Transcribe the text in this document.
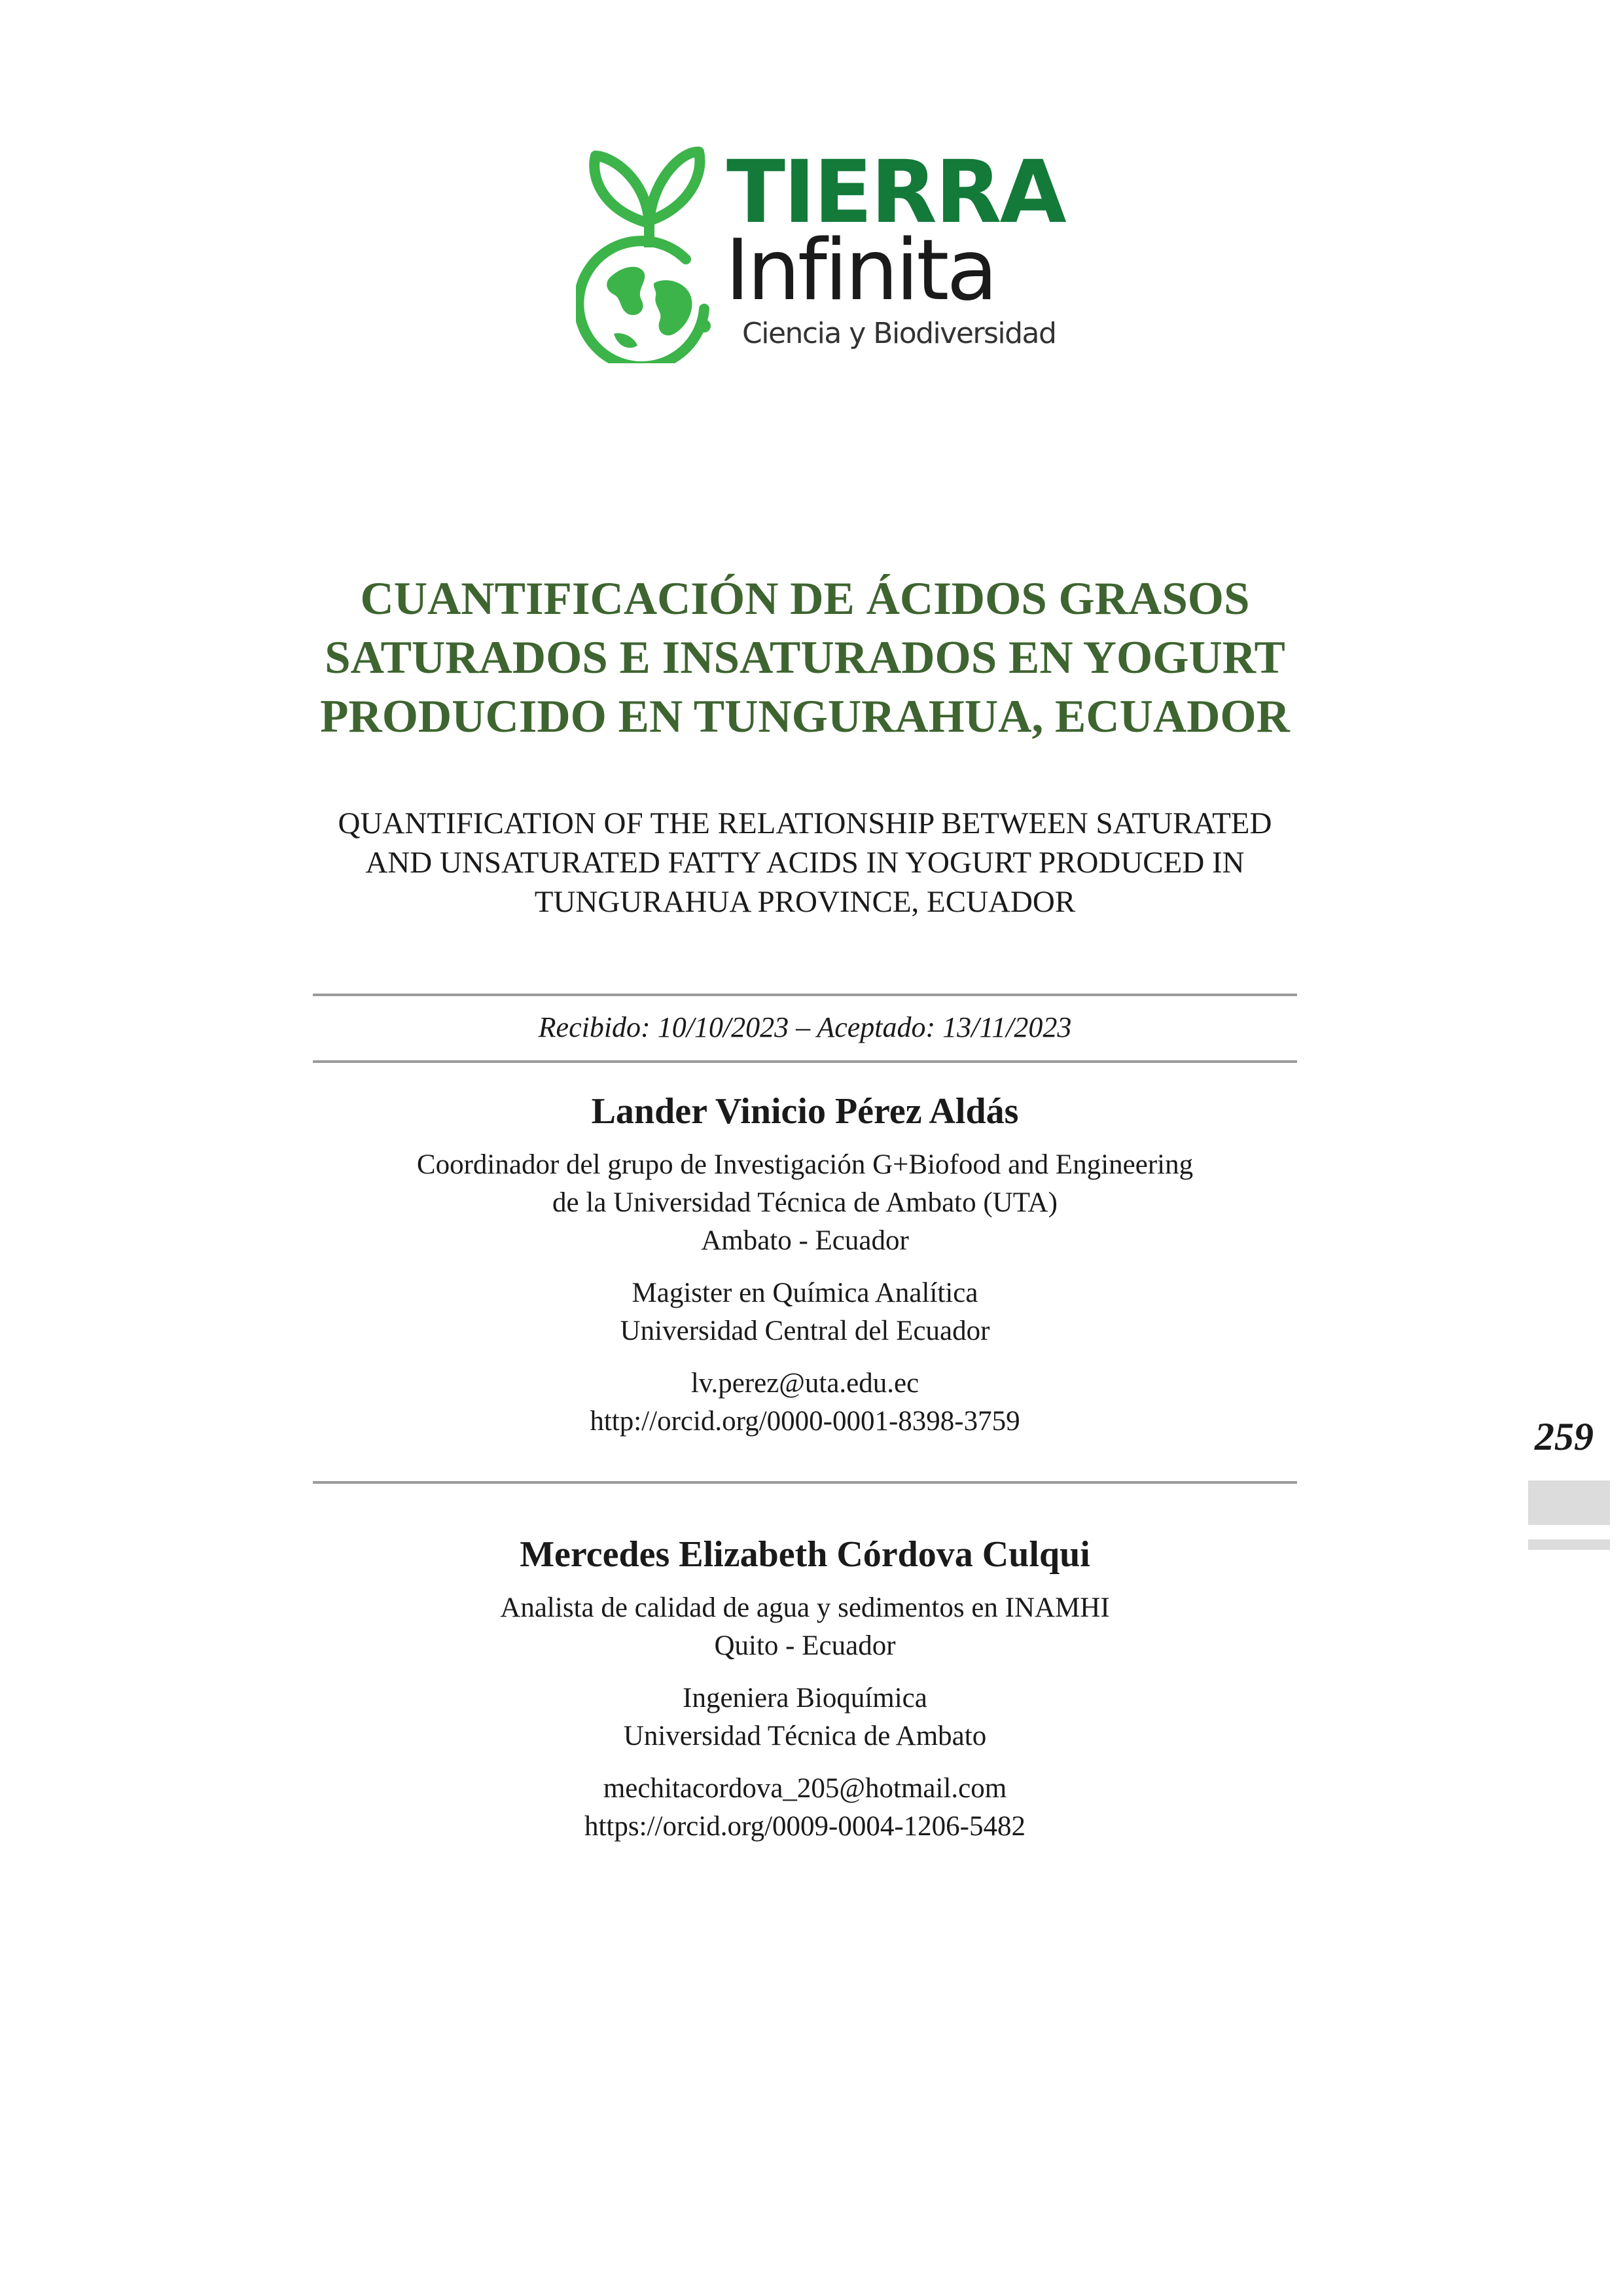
TIERRA
Infinita
Ciencia y Biodiversidad
CUANTIFICACIÓN DE ÁCIDOS GRASOS
SATURADOS E INSATURADOS EN YOGURT
PRODUCIDO EN TUNGURAHUA, ECUADOR
QUANTIFICATION OF THE RELATIONSHIP BETWEEN SATURATED
AND UNSATURATED FATTY ACIDS IN YOGURT PRODUCED IN
TUNGURAHUA PROVINCE, ECUADOR
Recibido: 10/10/2023 – Aceptado: 13/11/2023
Lander Vinicio Pérez Aldás
Coordinador del grupo de Investigación G+Biofood and Engineering
de la Universidad Técnica de Ambato (UTA)
Ambato - Ecuador
Magister en Química Analítica
Universidad Central del Ecuador
lv.perez@uta.edu.ec
http://orcid.org/0000-0001-8398-3759
Mercedes Elizabeth Córdova Culqui
Analista de calidad de agua y sedimentos en INAMHI
Quito - Ecuador
Ingeniera Bioquímica
Universidad Técnica de Ambato
mechitacordova_205@hotmail.com
https://orcid.org/0009-0004-1206-5482
259
